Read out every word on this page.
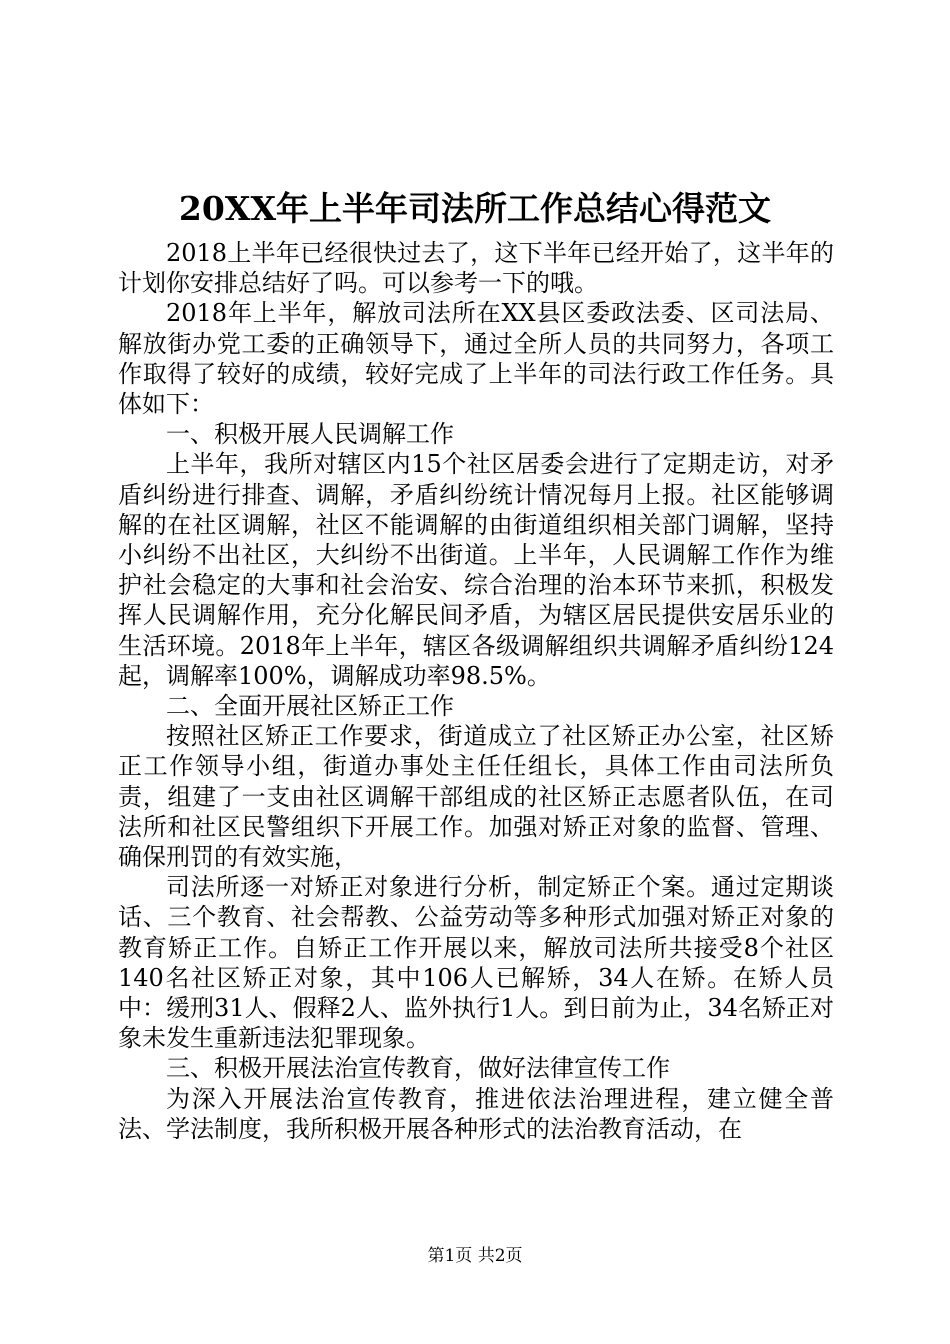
20XX年上半年司法所工作总结心得范文

2018上半年已经很快过去了，这下半年已经开始了，这半年的计划你安排总结好了吗。可以参考一下的哦。

2018年上半年，解放司法所在XX县区委政法委、区司法局、解放街办党工委的正确领导下，通过全所人员的共同努力，各项工作取得了较好的成绩，较好完成了上半年的司法行政工作任务。具体如下：

一、积极开展人民调解工作

上半年，我所对辖区内15个社区居委会进行了定期走访，对矛盾纠纷进行排查、调解，矛盾纠纷统计情况每月上报。社区能够调解的在社区调解，社区不能调解的由街道组织相关部门调解，坚持小纠纷不出社区，大纠纷不出街道。上半年，人民调解工作作为维护社会稳定的大事和社会治安、综合治理的治本环节来抓，积极发挥人民调解作用，充分化解民间矛盾，为辖区居民提供安居乐业的生活环境。2018年上半年，辖区各级调解组织共调解矛盾纠纷124起，调解率100%，调解成功率98.5%。

二、全面开展社区矫正工作

按照社区矫正工作要求，街道成立了社区矫正办公室，社区矫正工作领导小组，街道办事处主任任组长，具体工作由司法所负责，组建了一支由社区调解干部组成的社区矫正志愿者队伍，在司法所和社区民警组织下开展工作。加强对矫正对象的监督、管理、确保刑罚的有效实施，

司法所逐一对矫正对象进行分析，制定矫正个案。通过定期谈话、三个教育、社会帮教、公益劳动等多种形式加强对矫正对象的教育矫正工作。自矫正工作开展以来，解放司法所共接受8个社区140名社区矫正对象，其中106人已解矫，34人在矫。在矫人员中：缓刑31人、假释2人、监外执行1人。到日前为止，34名矫正对象未发生重新违法犯罪现象。

三、积极开展法治宣传教育，做好法律宣传工作

为深入开展法治宣传教育，推进依法治理进程，建立健全普法、学法制度，我所积极开展各种形式的法治教育活动，在

第1页 共2页
